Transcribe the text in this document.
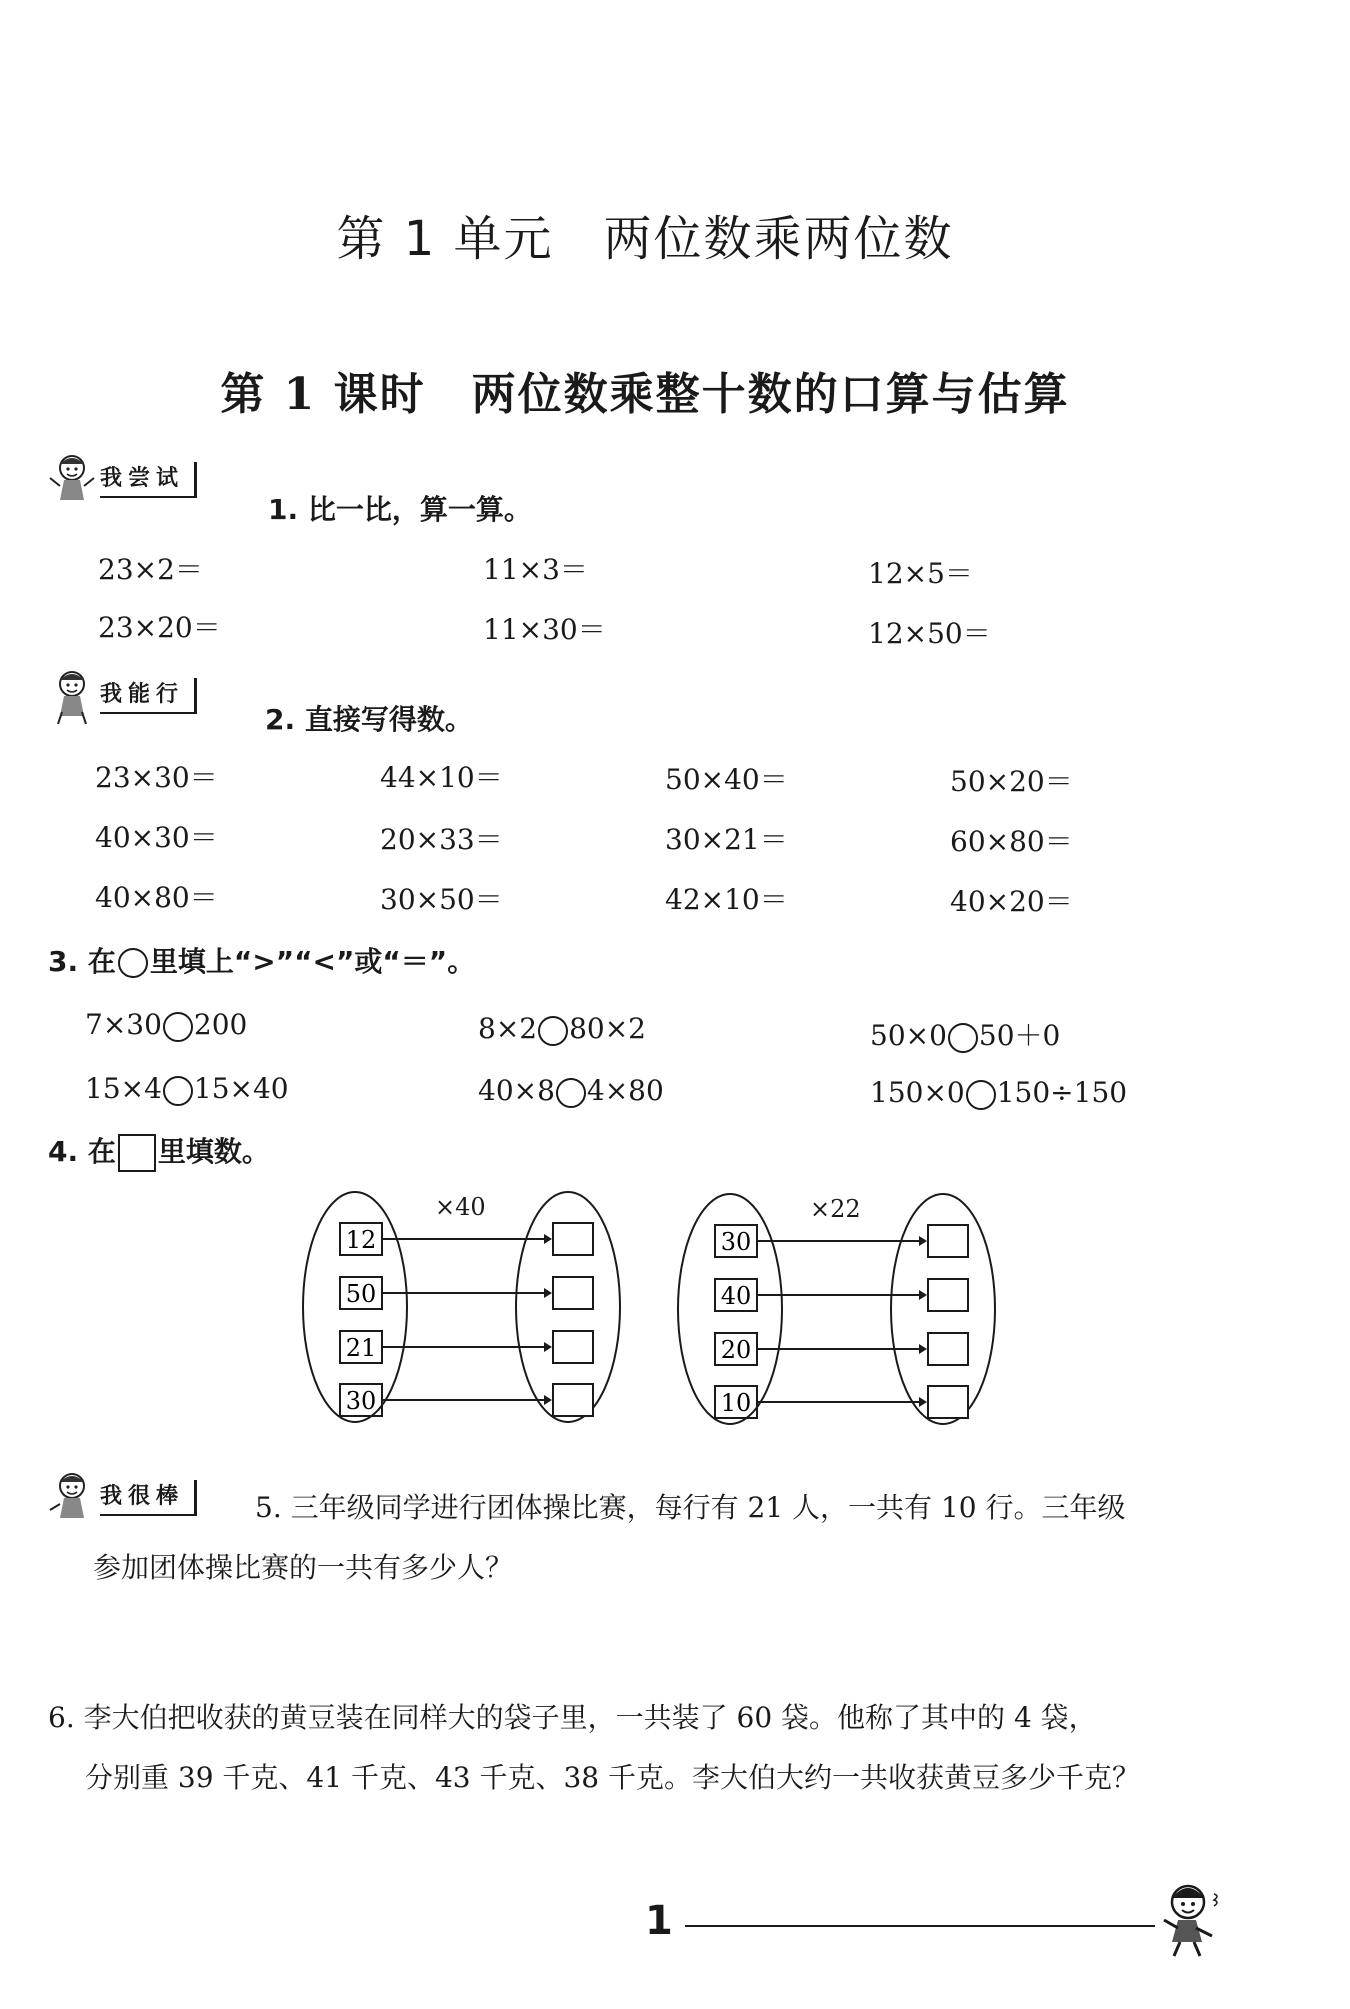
第 1 单元　两位数乘两位数
第 1 课时　两位数乘整十数的口算与估算
我尝试
1. 比一比，算一算。
23×2＝	11×3＝	12×5＝
23×20＝	11×30＝	12×50＝
我能行
2. 直接写得数。
23×30＝	44×10＝	50×40＝	50×20＝
40×30＝	20×33＝	30×21＝	60×80＝
40×80＝	30×50＝	42×10＝	40×20＝
3. 在 里填上“>”“<”或“＝”。
7×30 200	8×2 80×2	50×0 50＋0
15×4 15×40	40×8 4×80	150×0 150÷150
4. 在 里填数。
×40
12
50
21
30
×22
30
40
20
10
我很棒	5. 三年级同学进行团体操比赛，每行有 21 人，一共有 10 行。三年级
参加团体操比赛的一共有多少人？
6. 李大伯把收获的黄豆装在同样大的袋子里，一共装了 60 袋。他称了其中的 4 袋，
分别重 39 千克、41 千克、43 千克、38 千克。李大伯大约一共收获黄豆多少千克？
1
